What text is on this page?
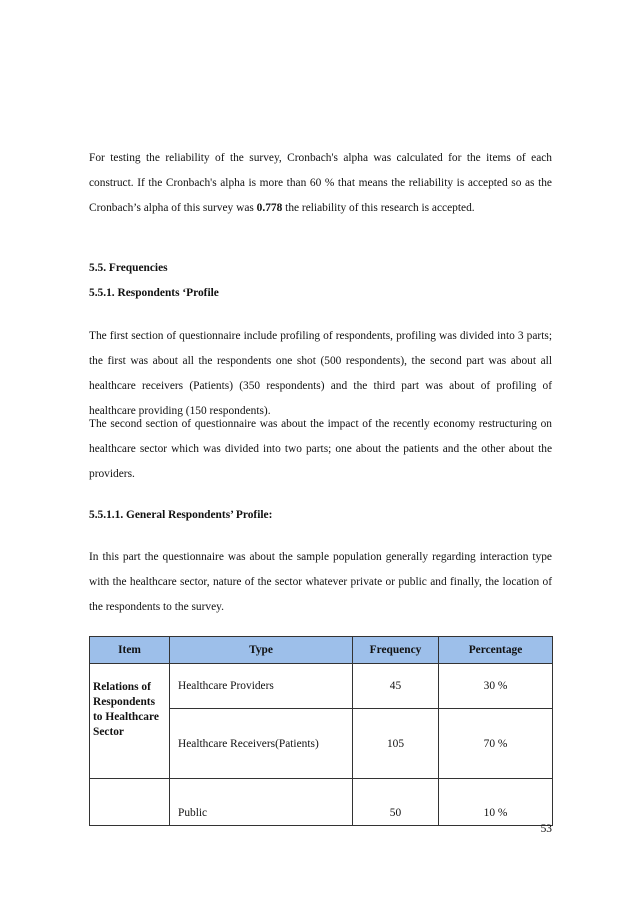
For testing the reliability of the survey, Cronbach's alpha was calculated for the items of each construct. If the Cronbach's alpha is more than 60 % that means the reliability is accepted so as the Cronbach’s alpha of this survey was 0.778 the reliability of this research is accepted.

5.5. Frequencies

5.5.1. Respondents ‘Profile

The first section of questionnaire include profiling of respondents, profiling was divided into 3 parts; the first was about all the respondents one shot (500 respondents), the second part was about all healthcare receivers (Patients) (350 respondents) and the third part was about of profiling of healthcare providing (150 respondents).

The second section of questionnaire was about the impact of the recently economy restructuring on healthcare sector which was divided into two parts; one about the patients and the other about the providers.

5.5.1.1. General Respondents’ Profile:

In this part the questionnaire was about the sample population generally regarding interaction type with the healthcare sector, nature of the sector whatever private or public and finally, the location of the respondents to the survey.

Item	Type	Frequency	Percentage
Relations of Respondents to Healthcare Sector	Healthcare Providers	45	30 %
	Healthcare Receivers(Patients)	105	70 %
	Public	50	10 %
53
